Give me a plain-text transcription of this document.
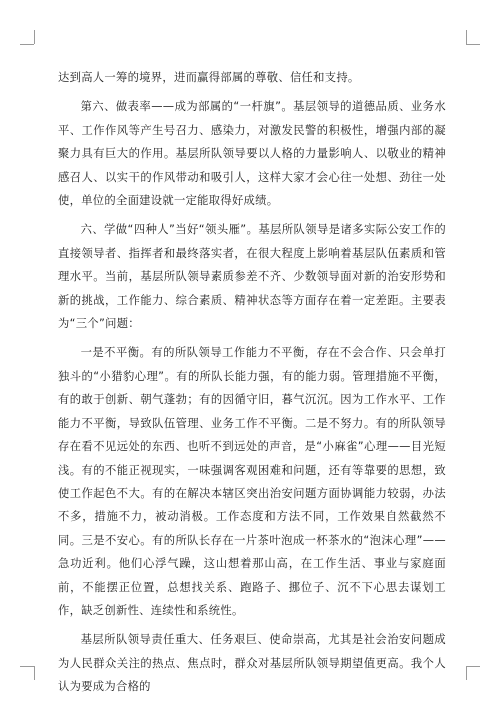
达到高人一筹的境界，进而赢得部属的尊敬、信任和支持。

第六、做表率——成为部属的“一杆旗”。基层领导的道德品质、业务水平、工作作风等产生号召力、感染力，对激发民警的积极性，增强内部的凝聚力具有巨大的作用。基层所队领导要以人格的力量影响人、以敬业的精神感召人、以实干的作风带动和吸引人，这样大家才会心往一处想、劲往一处使，单位的全面建设就一定能取得好成绩。

六、学做“四种人”当好“领头雁”。基层所队领导是诸多实际公安工作的直接领导者、指挥者和最终落实者，在很大程度上影响着基层队伍素质和管理水平。当前，基层所队领导素质参差不齐、少数领导面对新的治安形势和新的挑战，工作能力、综合素质、精神状态等方面存在着一定差距。主要表为“三个”问题：

一是不平衡。有的所队领导工作能力不平衡，存在不会合作、只会单打独斗的“小猎豹心理”。有的所队长能力强，有的能力弱。管理措施不平衡，有的敢于创新、朝气蓬勃；有的因循守旧，暮气沉沉。因为工作水平、工作能力不平衡，导致队伍管理、业务工作不平衡。二是不努力。有的所队领导存在看不见远处的东西、也听不到远处的声音，是“小麻雀”心理——目光短浅。有的不能正视现实，一味强调客观困难和问题，还有等靠要的思想，致使工作起色不大。有的在解决本辖区突出治安问题方面协调能力较弱，办法不多，措施不力，被动消极。工作态度和方法不同，工作效果自然截然不同。三是不安心。有的所队长存在一片茶叶泡成一杯茶水的“泡沫心理”——急功近利。他们心浮气躁，这山想着那山高，在工作生活、事业与家庭面前，不能摆正位置，总想找关系、跑路子、挪位子、沉不下心思去谋划工作，缺乏创新性、连续性和系统性。

基层所队领导责任重大、任务艰巨、使命崇高，尤其是社会治安问题成为人民群众关注的热点、焦点时，群众对基层所队领导期望值更高。我个人认为要成为合格的
